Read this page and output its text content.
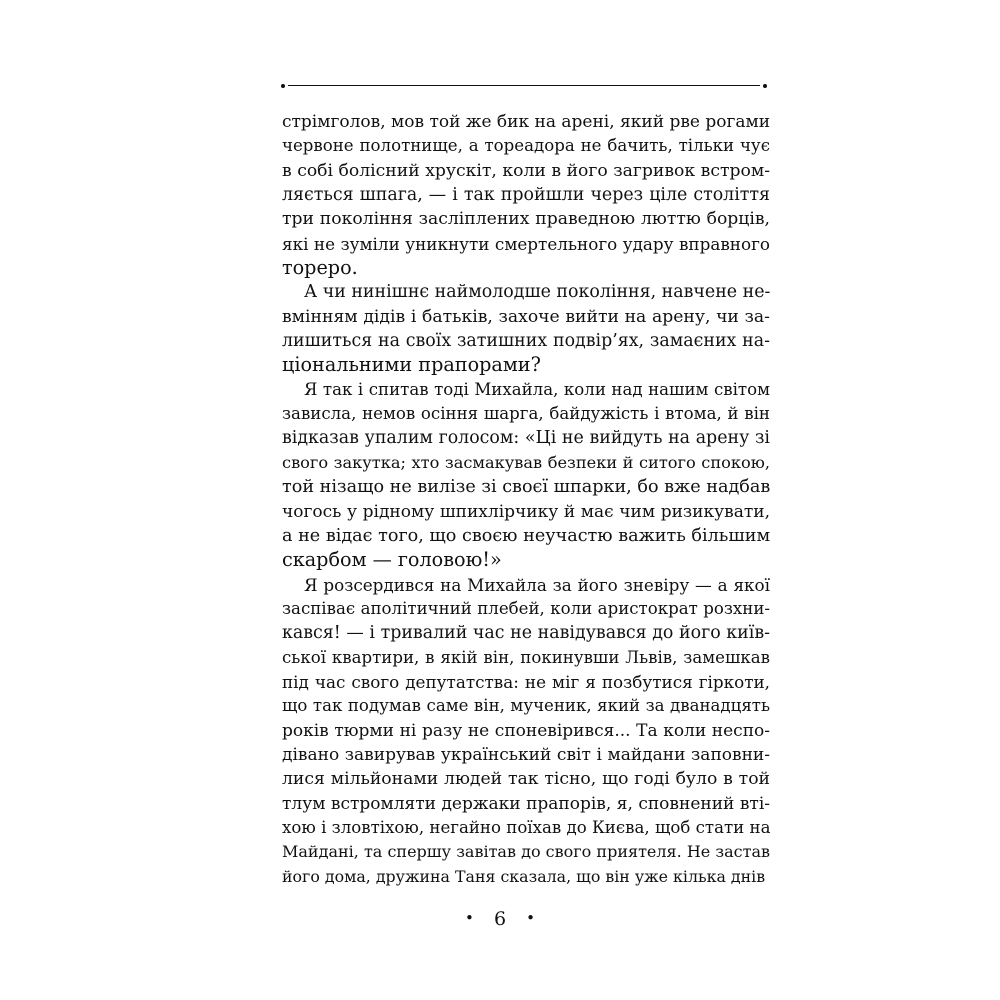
стрімголов, мов той же бик на арені, який рве рогами
червоне полотнище, а тореадора не бачить, тільки чує
в собі болісний хрускіт, коли в його загривок встром-
ляється шпага, — і так пройшли через ціле століття
три покоління засліплених праведною люттю борців,
які не зуміли уникнути смертельного удару вправного
тореро.
А чи нинішнє наймолодше покоління, навчене не-
вмінням дідів і батьків, захоче вийти на арену, чи за-
лишиться на своїх затишних подвір’ях, замаєних на-
ціональними прапорами?
Я так і спитав тоді Михайла, коли над нашим світом
зависла, немов осіння шарга, байдужість і втома, й він
відказав упалим голосом: «Ці не вийдуть на арену зі
свого закутка; хто засмакував безпеки й ситого спокою,
той нізащо не вилізе зі своєї шпарки, бо вже надбав
чогось у рідному шпихлірчику й має чим ризикувати,
а не відає того, що своєю неучастю важить більшим
скарбом — головою!»
Я розсердився на Михайла за його зневіру — а якої
заспіває аполітичний плебей, коли аристократ розхни-
кався! — і тривалий час не навідувався до його київ-
ської квартири, в якій він, покинувши Львів, замешкав
під час свого депутатства: не міг я позбутися гіркоти,
що так подумав саме він, мученик, який за дванадцять
років тюрми ні разу не споневірився... Та коли неспо-
дівано завирував український світ і майдани заповни-
лися мільйонами людей так тісно, що годі було в той
тлум встромляти держаки прапорів, я, сповнений вті-
хою і зловтіхою, негайно поїхав до Києва, щоб стати на
Майдані, та спершу завітав до свого приятеля. Не застав
його дома, дружина Таня сказала, що він уже кілька днів
• 6 •
